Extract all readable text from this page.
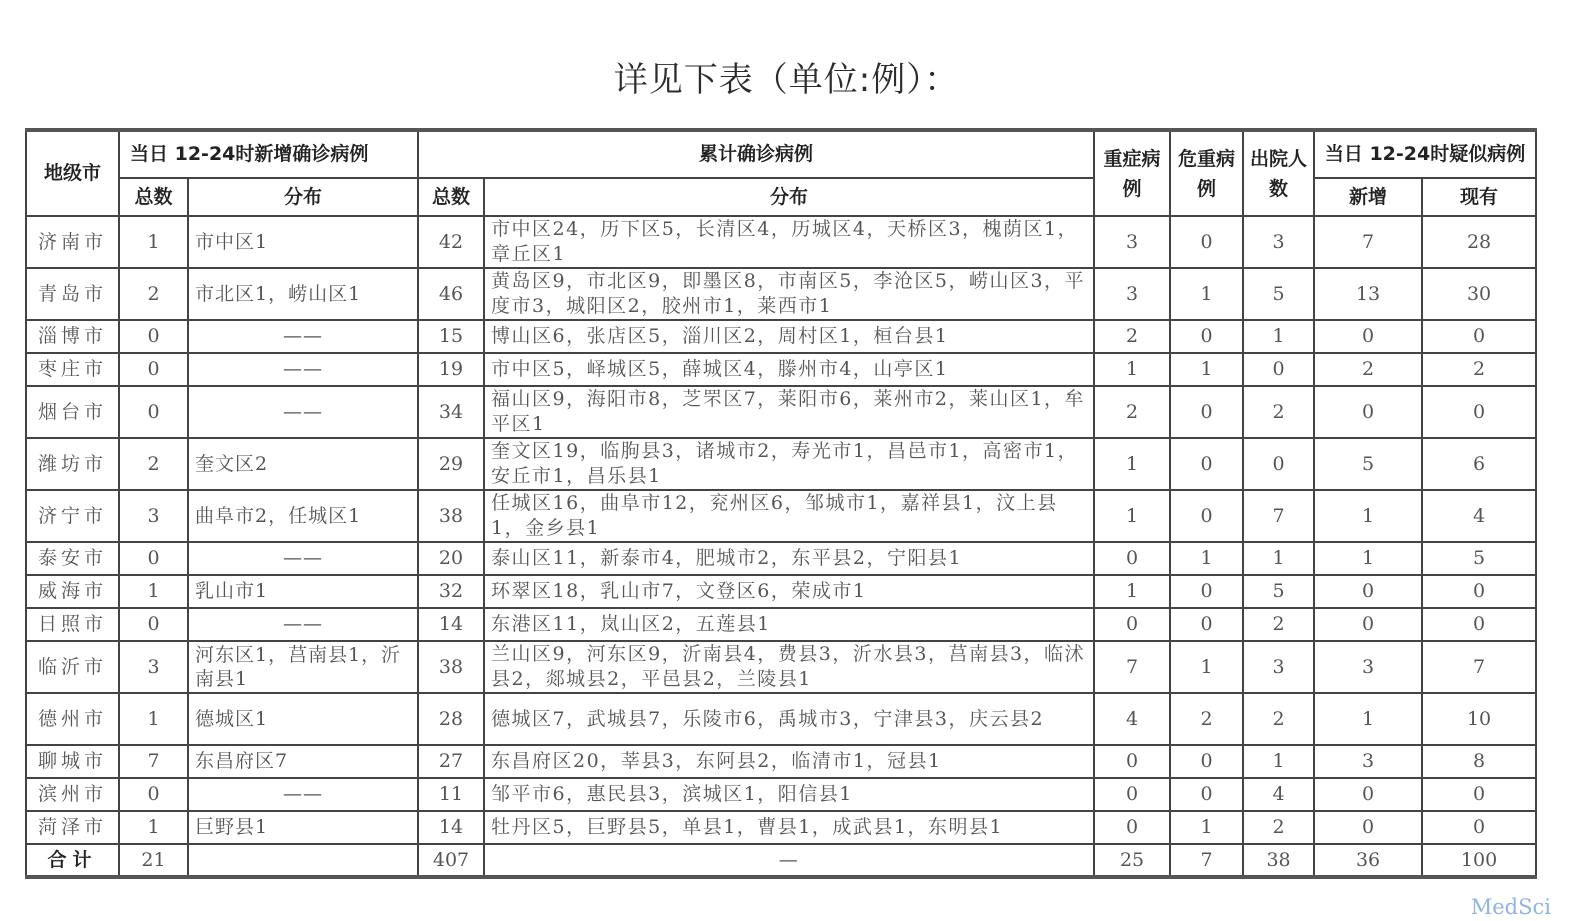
详见下表（单位:例）：
地级市	当日 12-24时新增确诊病例		累计确诊病例		重症病例	危重病例	出院人数	当日 12-24时疑似病例	
	总数	分布	总数	分布				新增	现有
济南市	1	市中区1	42	市中区24，历下区5，长清区4，历城区4，天桥区3，槐荫区1，章丘区1	3	0	3	7	28
青岛市	2	市北区1，崂山区1	46	黄岛区9，市北区9，即墨区8，市南区5，李沧区5，崂山区3，平度市3，城阳区2，胶州市1，莱西市1	3	1	5	13	30
淄博市	0	——	15	博山区6，张店区5，淄川区2，周村区1，桓台县1	2	0	1	0	0
枣庄市	0	——	19	市中区5，峄城区5，薛城区4，滕州市4，山亭区1	1	1	0	2	2
烟台市	0	——	34	福山区9，海阳市8，芝罘区7，莱阳市6，莱州市2，莱山区1，牟平区1	2	0	2	0	0
潍坊市	2	奎文区2	29	奎文区19，临朐县3，诸城市2，寿光市1，昌邑市1，高密市1，安丘市1，昌乐县1	1	0	0	5	6
济宁市	3	曲阜市2，任城区1	38	任城区16，曲阜市12，兖州区6，邹城市1，嘉祥县1，汶上县1，金乡县1	1	0	7	1	4
泰安市	0	——	20	泰山区11，新泰市4，肥城市2，东平县2，宁阳县1	0	1	1	1	5
威海市	1	乳山市1	32	环翠区18，乳山市7，文登区6，荣成市1	1	0	5	0	0
日照市	0	——	14	东港区11，岚山区2，五莲县1	0	0	2	0	0
临沂市	3	河东区1，莒南县1，沂南县1	38	兰山区9，河东区9，沂南县4，费县3，沂水县3，莒南县3，临沭县2，郯城县2，平邑县2，兰陵县1	7	1	3	3	7
德州市	1	德城区1	28	德城区7，武城县7，乐陵市6，禹城市3，宁津县3，庆云县2	4	2	2	1	10
聊城市	7	东昌府区7	27	东昌府区20，莘县3，东阿县2，临清市1，冠县1	0	0	1	3	8
滨州市	0	——	11	邹平市6，惠民县3，滨城区1，阳信县1	0	0	4	0	0
菏泽市	1	巨野县1	14	牡丹区5，巨野县5，单县1，曹县1，成武县1，东明县1	0	1	2	0	0
合计	21		407	—	25	7	38	36	100
MedSci
